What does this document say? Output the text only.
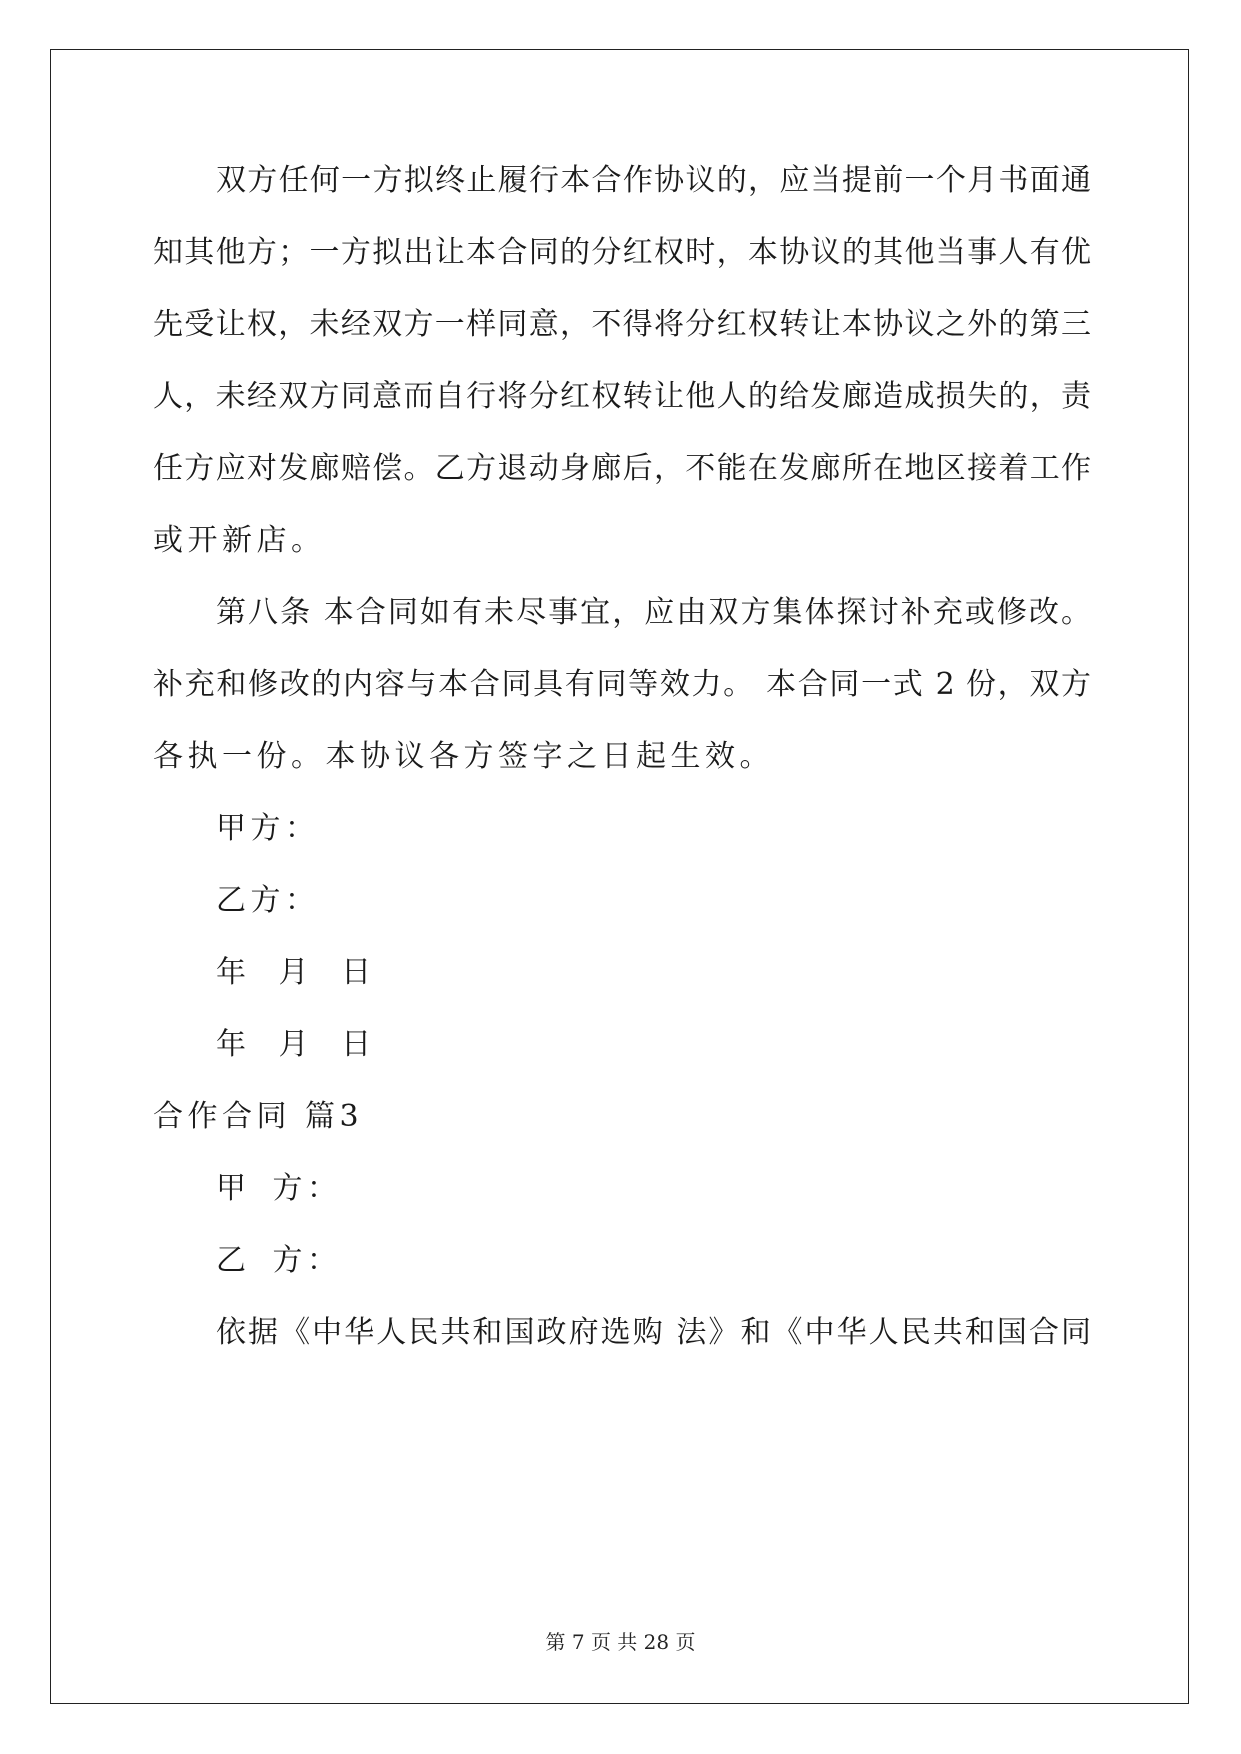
双方任何一方拟终止履行本合作协议的，应当提前一个月书面通
知其他方；一方拟出让本合同的分红权时，本协议的其他当事人有优
先受让权，未经双方一样同意，不得将分红权转让本协议之外的第三
人，未经双方同意而自行将分红权转让他人的给发廊造成损失的，责
任方应对发廊赔偿。乙方退动身廊后，不能在发廊所在地区接着工作
或开新店。
第八条 本合同如有未尽事宜，应由双方集体探讨补充或修改。
补充和修改的内容与本合同具有同等效力。 本合同一式 2 份，双方
各执一份。本协议各方签字之日起生效。
甲方：
乙方：
年 月 日
年 月 日
合作合同 篇3
甲 方：
乙 方：
依据《中华人民共和国政府选购 法》和《中华人民共和国合同
第 7 页 共 28 页
